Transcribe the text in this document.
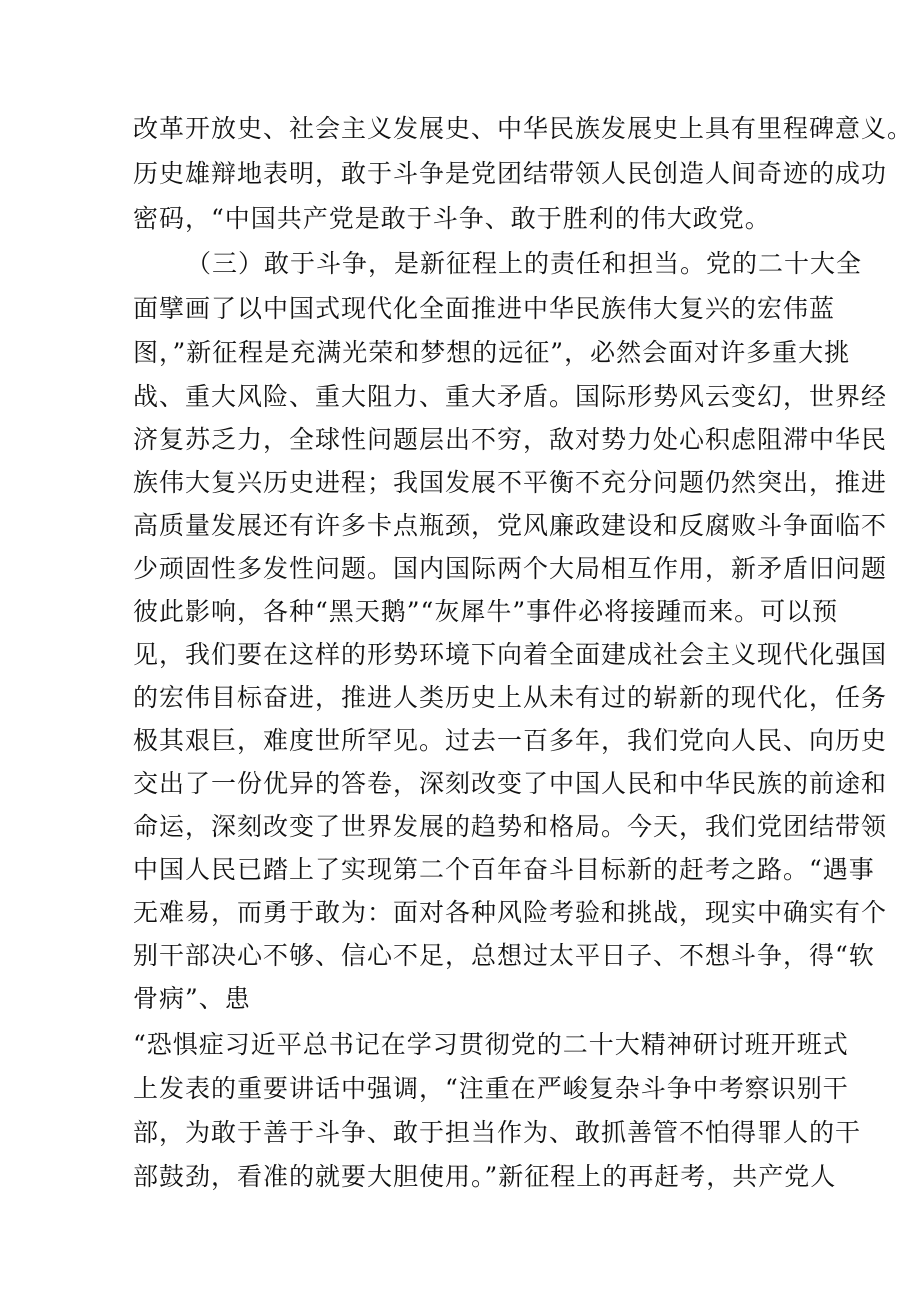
改革开放史、社会主义发展史、中华民族发展史上具有里程碑意义。
历史雄辩地表明，敢于斗争是党团结带领人民创造人间奇迹的成功
密码，“中国共产党是敢于斗争、敢于胜利的伟大政党。
（三）敢于斗争，是新征程上的责任和担当。党的二十大全
面擘画了以中国式现代化全面推进中华民族伟大复兴的宏伟蓝
图，”新征程是充满光荣和梦想的远征”，必然会面对许多重大挑
战、重大风险、重大阻力、重大矛盾。国际形势风云变幻，世界经
济复苏乏力，全球性问题层出不穷，敌对势力处心积虑阻滞中华民
族伟大复兴历史进程；我国发展不平衡不充分问题仍然突出，推进
高质量发展还有许多卡点瓶颈，党风廉政建设和反腐败斗争面临不
少顽固性多发性问题。国内国际两个大局相互作用，新矛盾旧问题
彼此影响，各种“黑天鹅”“灰犀牛”事件必将接踵而来。可以预
见，我们要在这样的形势环境下向着全面建成社会主义现代化强国
的宏伟目标奋进，推进人类历史上从未有过的崭新的现代化，任务
极其艰巨，难度世所罕见。过去一百多年，我们党向人民、向历史
交出了一份优异的答卷，深刻改变了中国人民和中华民族的前途和
命运，深刻改变了世界发展的趋势和格局。今天，我们党团结带领
中国人民已踏上了实现第二个百年奋斗目标新的赶考之路。“遇事
无难易，而勇于敢为：面对各种风险考验和挑战，现实中确实有个
别干部决心不够、信心不足，总想过太平日子、不想斗争，得“软
骨病”、患
“恐惧症习近平总书记在学习贯彻党的二十大精神研讨班开班式
上发表的重要讲话中强调，“注重在严峻复杂斗争中考察识别干
部，为敢于善于斗争、敢于担当作为、敢抓善管不怕得罪人的干
部鼓劲，看准的就要大胆使用。”新征程上的再赶考，共产党人
